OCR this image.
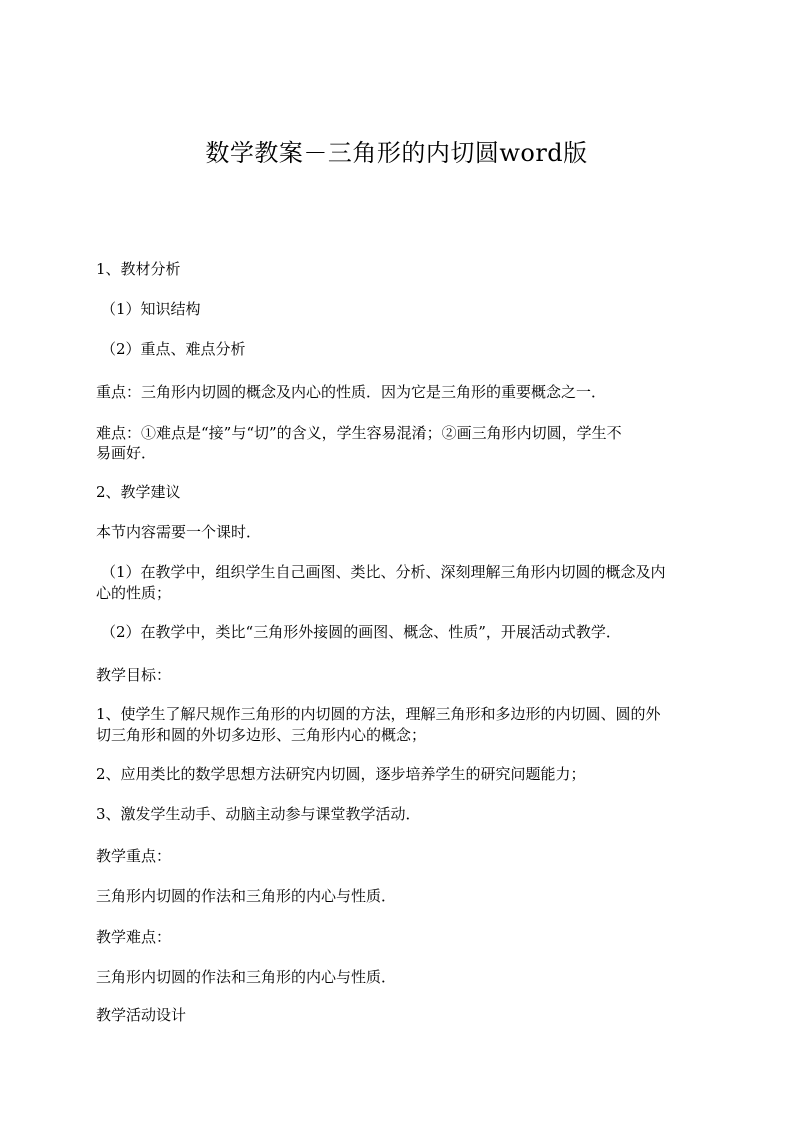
数学教案－三角形的内切圆word版

1、教材分析

（1）知识结构

（2）重点、难点分析

重点：三角形内切圆的概念及内心的性质．因为它是三角形的重要概念之一．

难点：①难点是“接”与“切”的含义，学生容易混淆；②画三角形内切圆，学生不

易画好．

2、教学建议

本节内容需要一个课时．

（1）在教学中，组织学生自己画图、类比、分析、深刻理解三角形内切圆的概念及内

心的性质；

（2）在教学中，类比“三角形外接圆的画图、概念、性质”，开展活动式教学．

教学目标：

1、使学生了解尺规作三角形的内切圆的方法，理解三角形和多边形的内切圆、圆的外

切三角形和圆的外切多边形、三角形内心的概念；

2、应用类比的数学思想方法研究内切圆，逐步培养学生的研究问题能力；

3、激发学生动手、动脑主动参与课堂教学活动．

教学重点：

三角形内切圆的作法和三角形的内心与性质．

教学难点：

三角形内切圆的作法和三角形的内心与性质．

教学活动设计
